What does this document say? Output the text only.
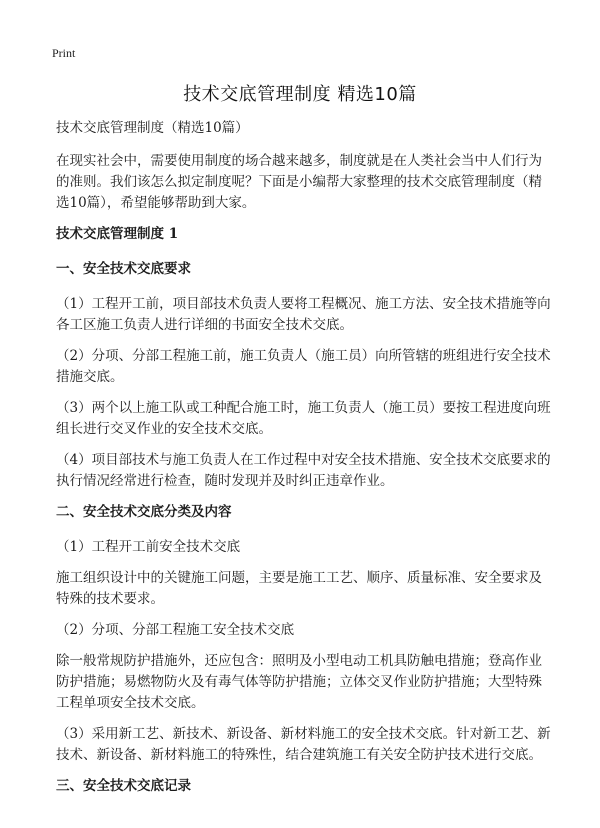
Print
技术交底管理制度 精选10篇

技术交底管理制度（精选10篇）

在现实社会中，需要使用制度的场合越来越多，制度就是在人类社会当中人们行为的准则。我们该怎么拟定制度呢？下面是小编帮大家整理的技术交底管理制度（精选10篇），希望能够帮助到大家。

技术交底管理制度 1

一、安全技术交底要求

（1）工程开工前，项目部技术负责人要将工程概况、施工方法、安全技术措施等向各工区施工负责人进行详细的书面安全技术交底。

（2）分项、分部工程施工前，施工负责人（施工员）向所管辖的班组进行安全技术措施交底。

（3）两个以上施工队或工种配合施工时，施工负责人（施工员）要按工程进度向班组长进行交叉作业的安全技术交底。

（4）项目部技术与施工负责人在工作过程中对安全技术措施、安全技术交底要求的执行情况经常进行检查，随时发现并及时纠正违章作业。

二、安全技术交底分类及内容

（1）工程开工前安全技术交底

施工组织设计中的关键施工问题，主要是施工工艺、顺序、质量标准、安全要求及特殊的技术要求。

（2）分项、分部工程施工安全技术交底

除一般常规防护措施外，还应包含：照明及小型电动工机具防触电措施；登高作业防护措施；易燃物防火及有毒气体等防护措施；立体交叉作业防护措施；大型特殊工程单项安全技术交底。

（3）采用新工艺、新技术、新设备、新材料施工的安全技术交底。针对新工艺、新技术、新设备、新材料施工的特殊性，结合建筑施工有关安全防护技术进行交底。

三、安全技术交底记录
